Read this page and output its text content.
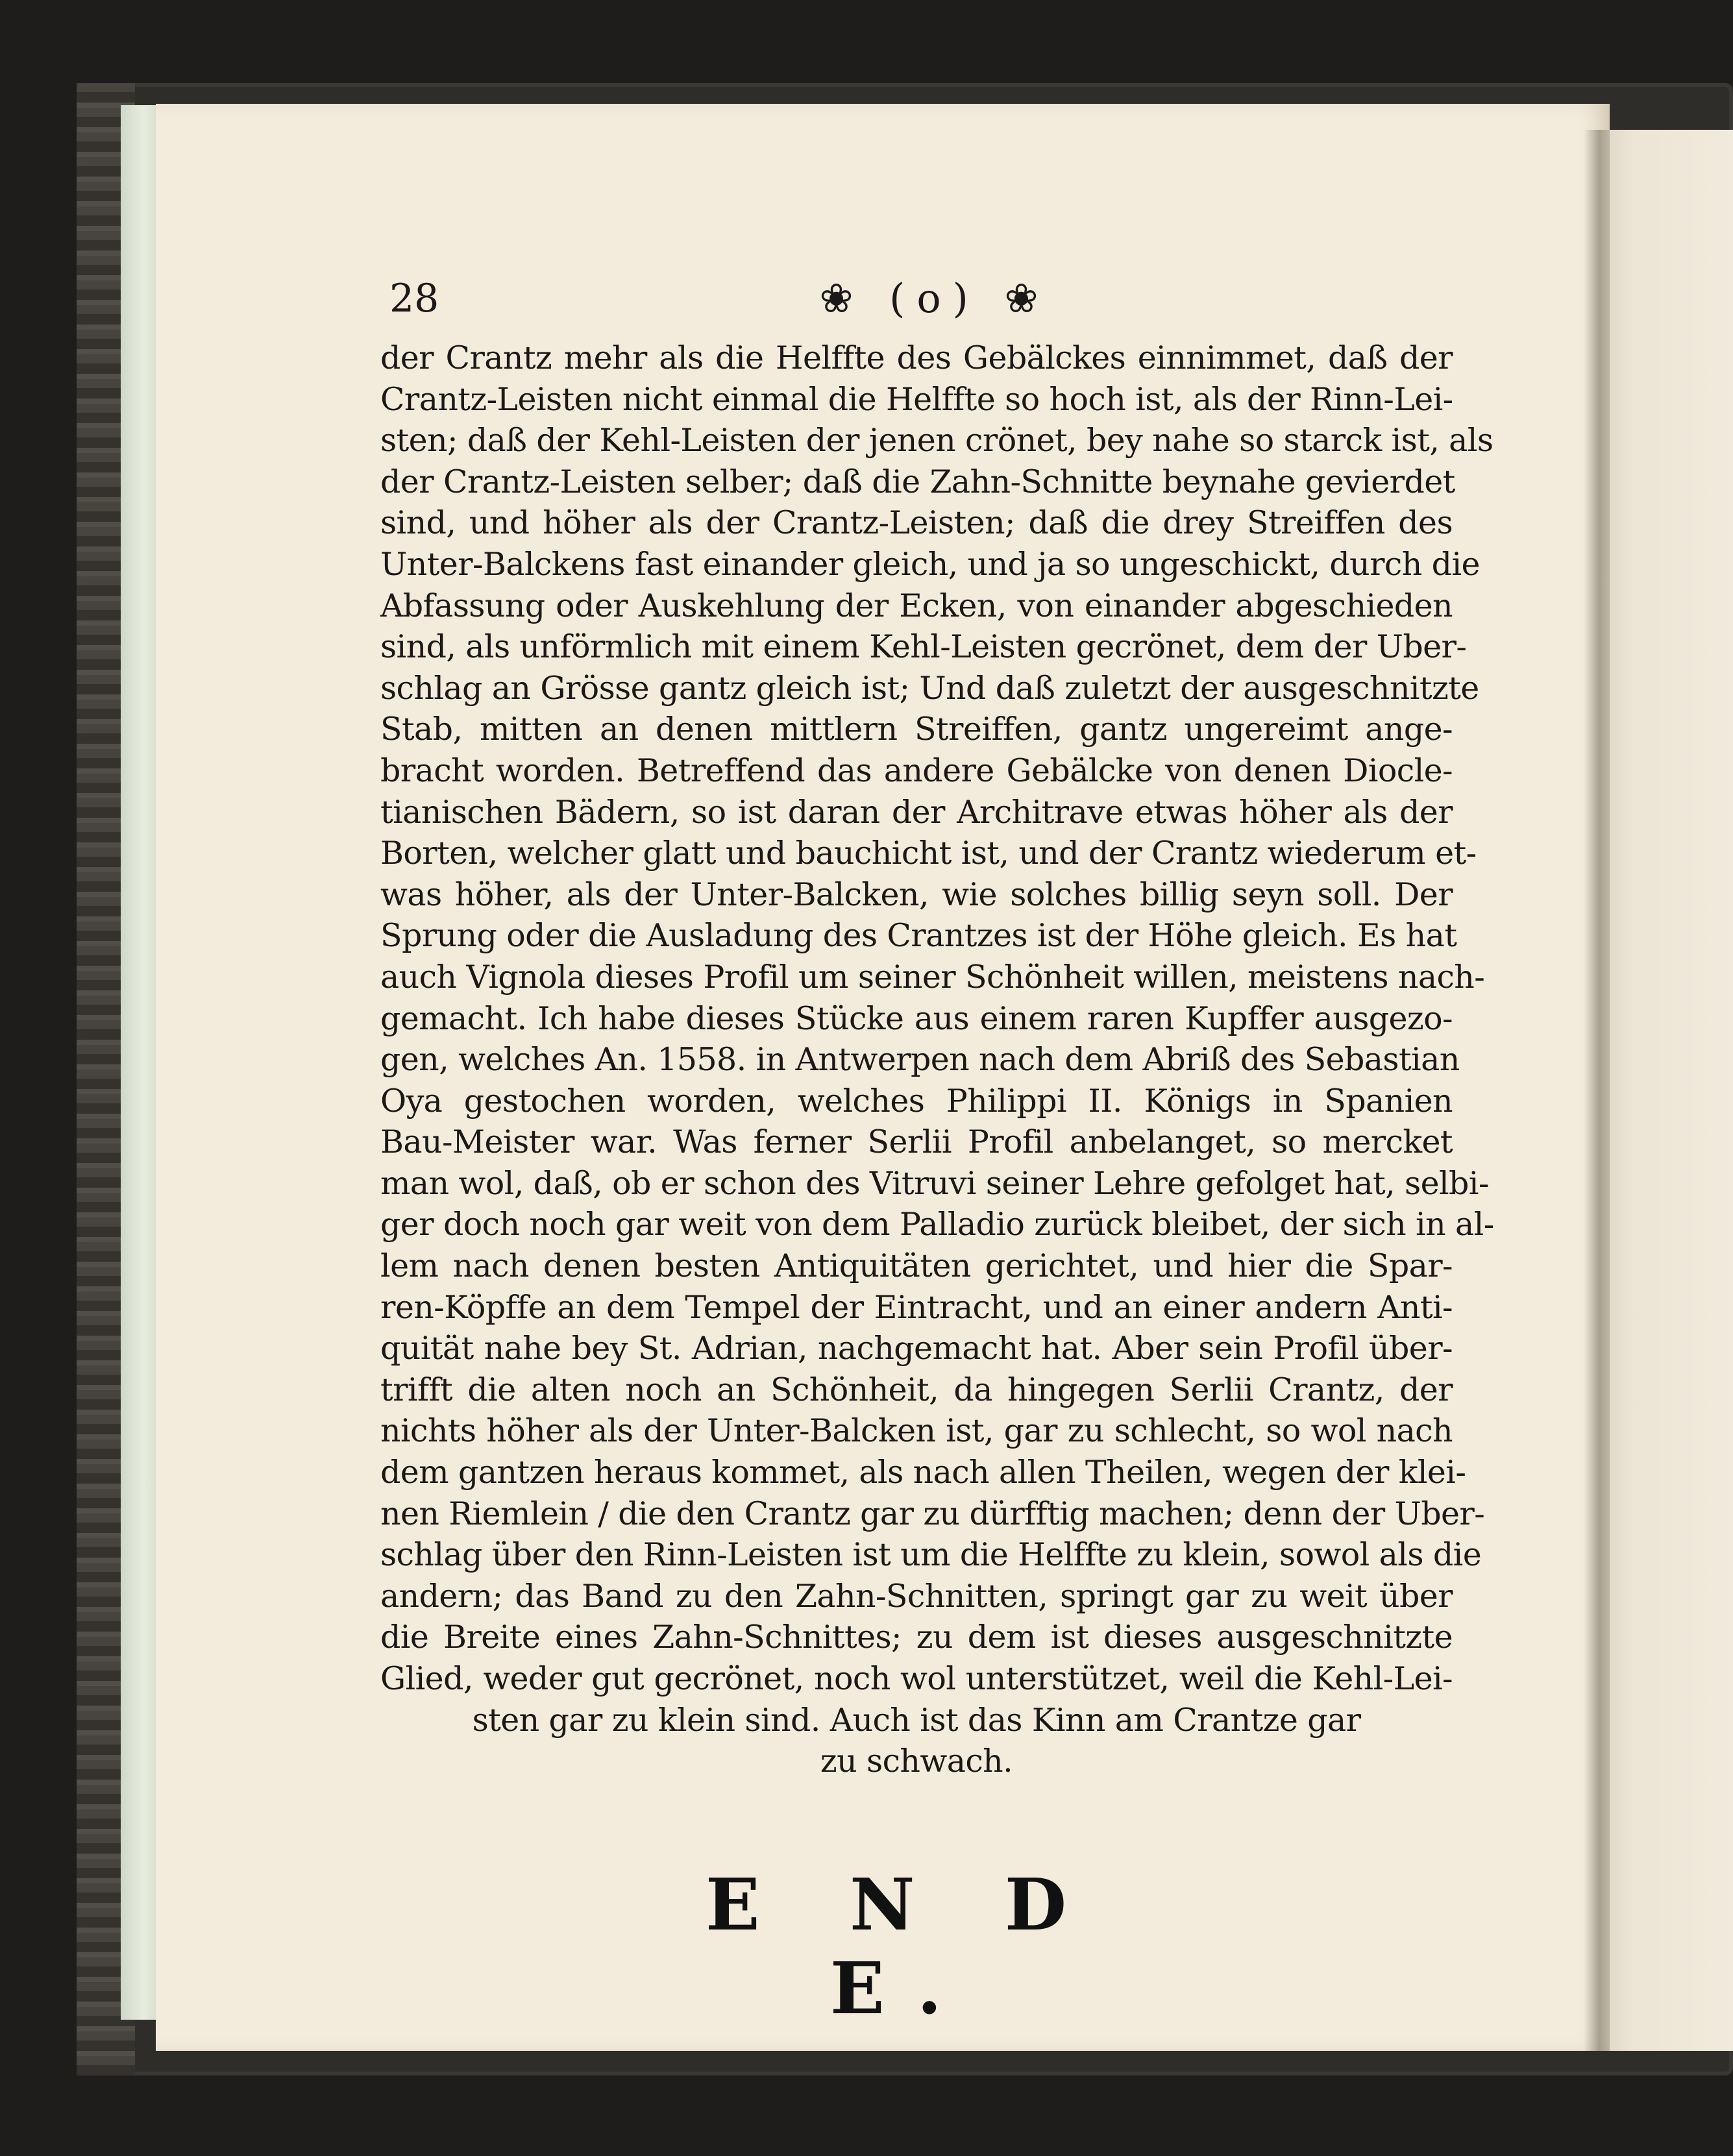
28	❀ (o) ❀
der Crantz mehr als die Helffte des Gebälckes einnimmet, daß der
Crantz-Leisten nicht einmal die Helffte so hoch ist, als der Rinn-Lei-
sten; daß der Kehl-Leisten der jenen crönet, bey nahe so starck ist, als
der Crantz-Leisten selber; daß die Zahn-Schnitte beynahe gevierdet
sind, und höher als der Crantz-Leisten; daß die drey Streiffen des
Unter-Balckens fast einander gleich, und ja so ungeschickt, durch die
Abfassung oder Auskehlung der Ecken, von einander abgeschieden
sind, als unförmlich mit einem Kehl-Leisten gecrönet, dem der Uber-
schlag an Grösse gantz gleich ist; Und daß zuletzt der ausgeschnitzte
Stab, mitten an denen mittlern Streiffen, gantz ungereimt ange-
bracht worden. Betreffend das andere Gebälcke von denen Diocle-
tianischen Bädern, so ist daran der Architrave etwas höher als der
Borten, welcher glatt und bauchicht ist, und der Crantz wiederum et-
was höher, als der Unter-Balcken, wie solches billig seyn soll. Der
Sprung oder die Ausladung des Crantzes ist der Höhe gleich. Es hat
auch Vignola dieses Profil um seiner Schönheit willen, meistens nach-
gemacht. Ich habe dieses Stücke aus einem raren Kupffer ausgezo-
gen, welches An. 1558. in Antwerpen nach dem Abriß des Sebastian
Oya gestochen worden, welches Philippi II. Königs in Spanien
Bau-Meister war. Was ferner Serlii Profil anbelanget, so mercket
man wol, daß, ob er schon des Vitruvi seiner Lehre gefolget hat, selbi-
ger doch noch gar weit von dem Palladio zurück bleibet, der sich in al-
lem nach denen besten Antiquitäten gerichtet, und hier die Spar-
ren-Köpffe an dem Tempel der Eintracht, und an einer andern Anti-
quität nahe bey St. Adrian, nachgemacht hat. Aber sein Profil über-
trifft die alten noch an Schönheit, da hingegen Serlii Crantz, der
nichts höher als der Unter-Balcken ist, gar zu schlecht, so wol nach
dem gantzen heraus kommet, als nach allen Theilen, wegen der klei-
nen Riemlein / die den Crantz gar zu dürfftig machen; denn der Uber-
schlag über den Rinn-Leisten ist um die Helffte zu klein, sowol als die
andern; das Band zu den Zahn-Schnitten, springt gar zu weit über
die Breite eines Zahn-Schnittes; zu dem ist dieses ausgeschnitzte
Glied, weder gut gecrönet, noch wol unterstützet, weil die Kehl-Lei-
sten gar zu klein sind. Auch ist das Kinn am Crantze gar
zu schwach.
E N D E.
